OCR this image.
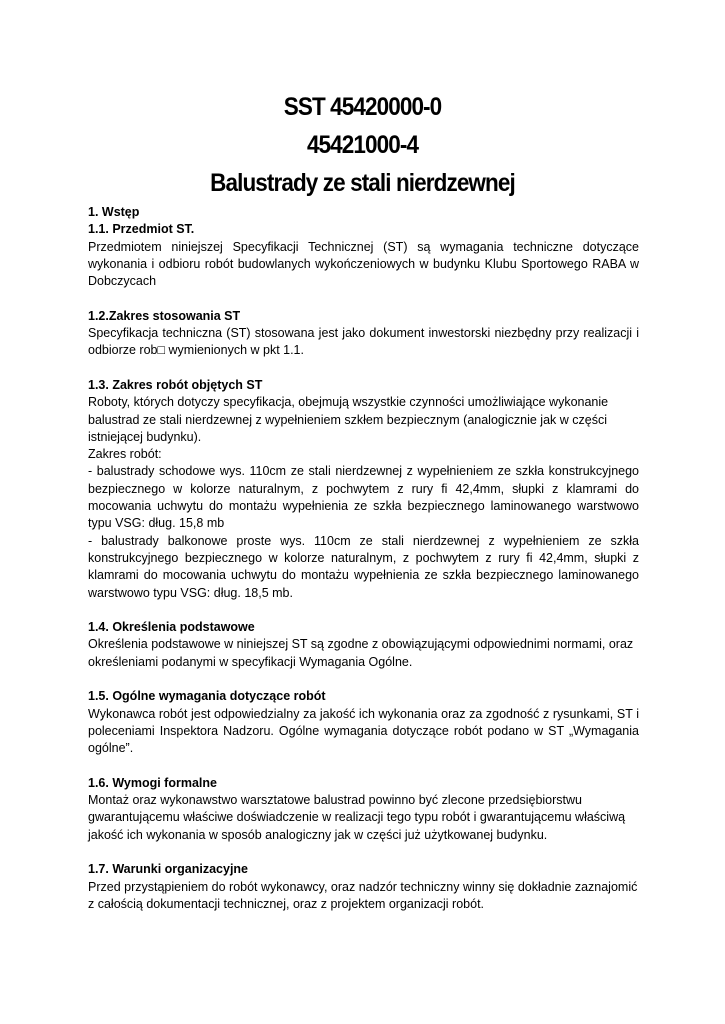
SST 45420000-0

45421000-4

Balustrady ze stali nierdzewnej

1. Wstęp

1.1. Przedmiot ST.

Przedmiotem niniejszej Specyfikacji Technicznej (ST) są wymagania techniczne dotyczące wykonania i odbioru robót budowlanych wykończeniowych w budynku Klubu Sportowego RABA w Dobczycach

1.2.Zakres stosowania ST

Specyfikacja techniczna (ST) stosowana jest jako dokument inwestorski niezbędny przy realizacji i odbiorze rob□ wymienionych w pkt 1.1.

1.3. Zakres robót objętych ST

Roboty, których dotyczy specyfikacja, obejmują wszystkie czynności umożliwiające wykonanie balustrad ze stali nierdzewnej z wypełnieniem szkłem bezpiecznym (analogicznie jak w części istniejącej budynku).

Zakres robót:

- balustrady schodowe wys. 110cm ze stali nierdzewnej z wypełnieniem ze szkła konstrukcyjnego bezpiecznego w kolorze naturalnym, z pochwytem z rury fi 42,4mm, słupki z klamrami do mocowania uchwytu do montażu wypełnienia ze szkła bezpiecznego laminowanego warstwowo typu VSG: dług. 15,8 mb

- balustrady balkonowe proste wys. 110cm ze stali nierdzewnej z wypełnieniem ze szkła konstrukcyjnego bezpiecznego w kolorze naturalnym, z pochwytem z rury fi 42,4mm, słupki z klamrami do mocowania uchwytu do montażu wypełnienia ze szkła bezpiecznego laminowanego warstwowo typu VSG: dług. 18,5 mb.

1.4. Określenia podstawowe

Określenia podstawowe w niniejszej ST są zgodne z obowiązującymi odpowiednimi normami, oraz określeniami podanymi w specyfikacji Wymagania Ogólne.

1.5. Ogólne wymagania dotyczące robót

Wykonawca robót jest odpowiedzialny za jakość ich wykonania oraz za zgodność z rysunkami, ST i poleceniami Inspektora Nadzoru. Ogólne wymagania dotyczące robót podano w ST „Wymagania ogólne”.

1.6. Wymogi formalne

Montaż oraz wykonawstwo warsztatowe balustrad powinno być zlecone przedsiębiorstwu gwarantującemu właściwe doświadczenie w realizacji tego typu robót i gwarantującemu właściwą jakość ich wykonania w sposób analogiczny jak w części już użytkowanej budynku.

1.7. Warunki organizacyjne

Przed przystąpieniem do robót wykonawcy, oraz nadzór techniczny winny się dokładnie zaznajomić z całością dokumentacji technicznej, oraz z projektem organizacji robót.
